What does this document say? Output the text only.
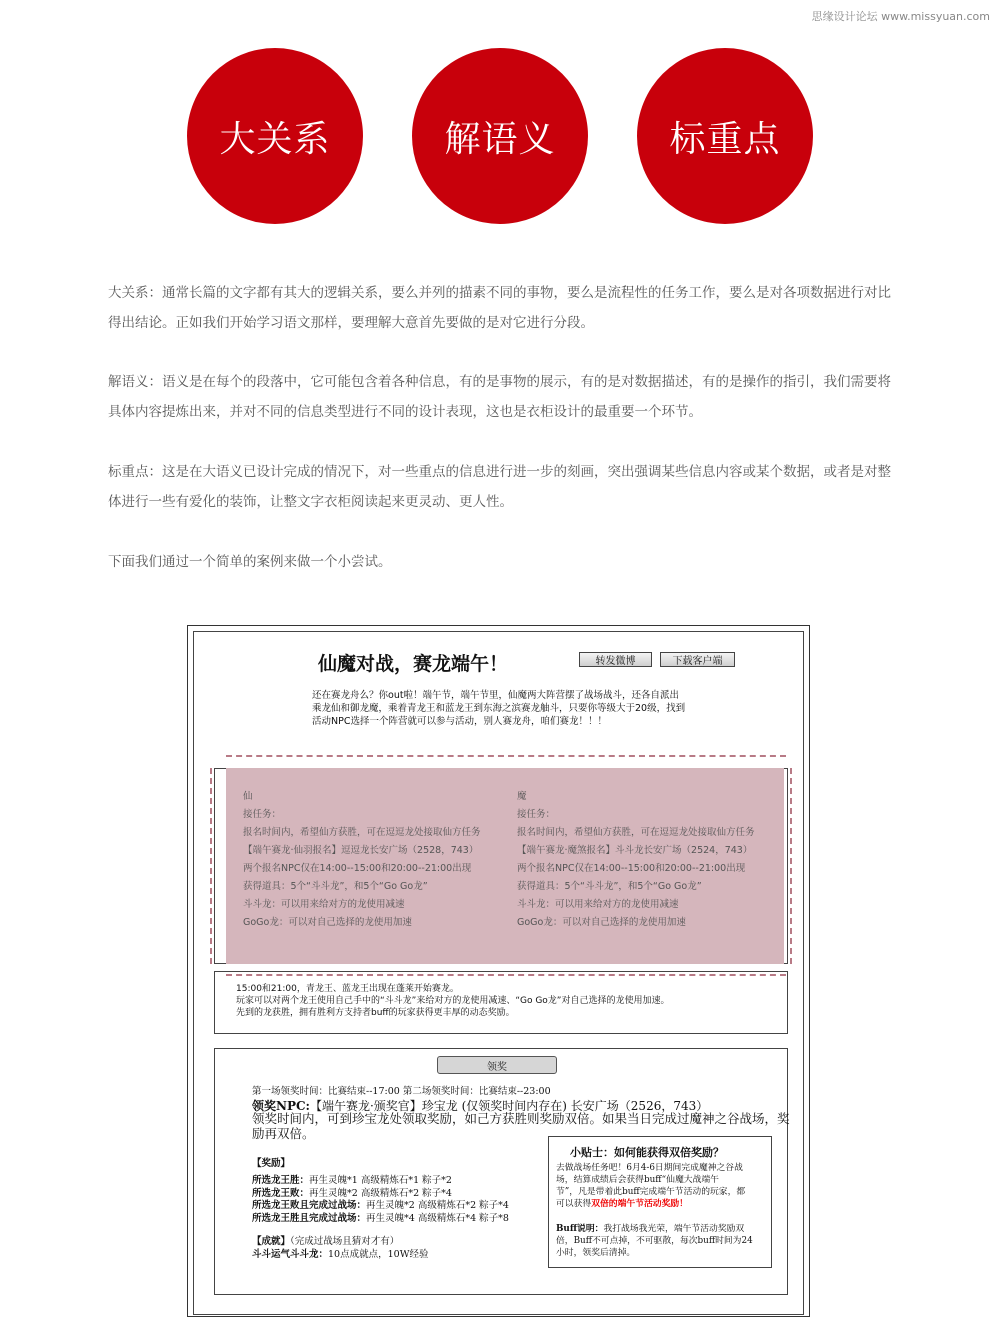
思缘设计论坛 www.missyuan.com
大关系	解语义	标重点
大关系：通常长篇的文字都有其大的逻辑关系，要么并列的描素不同的事物，要么是流程性的任务工作，要么是对各项数据进行对比得出结论。正如我们开始学习语文那样，要理解大意首先要做的是对它进行分段。
解语义：语义是在每个的段落中，它可能包含着各种信息，有的是事物的展示，有的是对数据描述，有的是操作的指引，我们需要将具体内容提炼出来，并对不同的信息类型进行不同的设计表现，这也是衣柜设计的最重要一个环节。
标重点：这是在大语义已设计完成的情况下，对一些重点的信息进行进一步的刻画，突出强调某些信息内容或某个数据，或者是对整体进行一些有爱化的装饰，让整文字衣柜阅读起来更灵动、更人性。
下面我们通过一个简单的案例来做一个小尝试。
仙魔对战，赛龙端午！	转发微博	下载客户端
还在赛龙舟么？你out啦！端午节，端午节里，仙魔两大阵营摆了战场战斗，还各自派出
乘龙仙和御龙魔，乘着青龙王和蓝龙王到东海之滨赛龙舳斗，只要你等级大于20级，找到
活动NPC选择一个阵营就可以参与活动，别人赛龙舟，咱们赛龙！！！
仙
接任务：
报名时间内，希望仙方获胜，可在逗逗龙处接取仙方任务
【端午赛龙·仙羽报名】逗逗龙长安广场（2528，743）
两个报名NPC仅在14:00--15:00和20:00--21:00出现
获得道具：5个“斗斗龙”，和5个“Go Go龙”
斗斗龙：可以用来给对方的龙使用减速
GoGo龙：可以对自己选择的龙使用加速
魔
接任务：
报名时间内，希望仙方获胜，可在逗逗龙处接取仙方任务
【端午赛龙·魔煞报名】斗斗龙长安广场（2524，743）
两个报名NPC仅在14:00--15:00和20:00--21:00出现
获得道具：5个“斗斗龙”，和5个“Go Go龙”
斗斗龙：可以用来给对方的龙使用减速
GoGo龙：可以对自己选择的龙使用加速
15:00和21:00，青龙王、蓝龙王出现在蓬莱开始赛龙。
玩家可以对两个龙王使用自己手中的“斗斗龙”来给对方的龙使用减速、“Go Go龙”对自己选择的龙使用加速。
先到的龙获胜，拥有胜利方支持者buff的玩家获得更丰厚的动态奖励。
领奖
第一场领奖时间：比赛结束--17:00 第二场领奖时间：比赛结束--23:00
领奖NPC:【端午赛龙·颁奖官】珍宝龙 (仅领奖时间内存在) 长安广场（2526，743）
领奖时间内，可到珍宝龙处领取奖励，如己方获胜则奖励双倍。如果当日完成过魔神之谷战场，奖
励再双倍。
【奖励】
所选龙王胜：再生灵魄*1 高级精炼石*1 粽子*2
所选龙王败：再生灵魄*2 高级精炼石*2 粽子*4
所选龙王败且完成过战场：再生灵魄*2 高级精炼石*2 粽子*4
所选龙王胜且完成过战场：再生灵魄*4 高级精炼石*4 粽子*8
【成就】（完成过战场且猜对才有）
斗斗运气斗斗龙：10点成就点，10W经验
小贴士：如何能获得双倍奖励？
去做战场任务吧！6月4-6日期间完成魔神之谷战
场，结算成绩后会获得buff“仙魔大战端午
节”，凡是带着此buff完成端午节活动的玩家，都
可以获得双倍的端午节活动奖励！
Buff说明：我打战场我光荣，端午节活动奖励双
倍，Buff不可点掉，不可驱散，每次buff时间为24
小时，领奖后清掉。
